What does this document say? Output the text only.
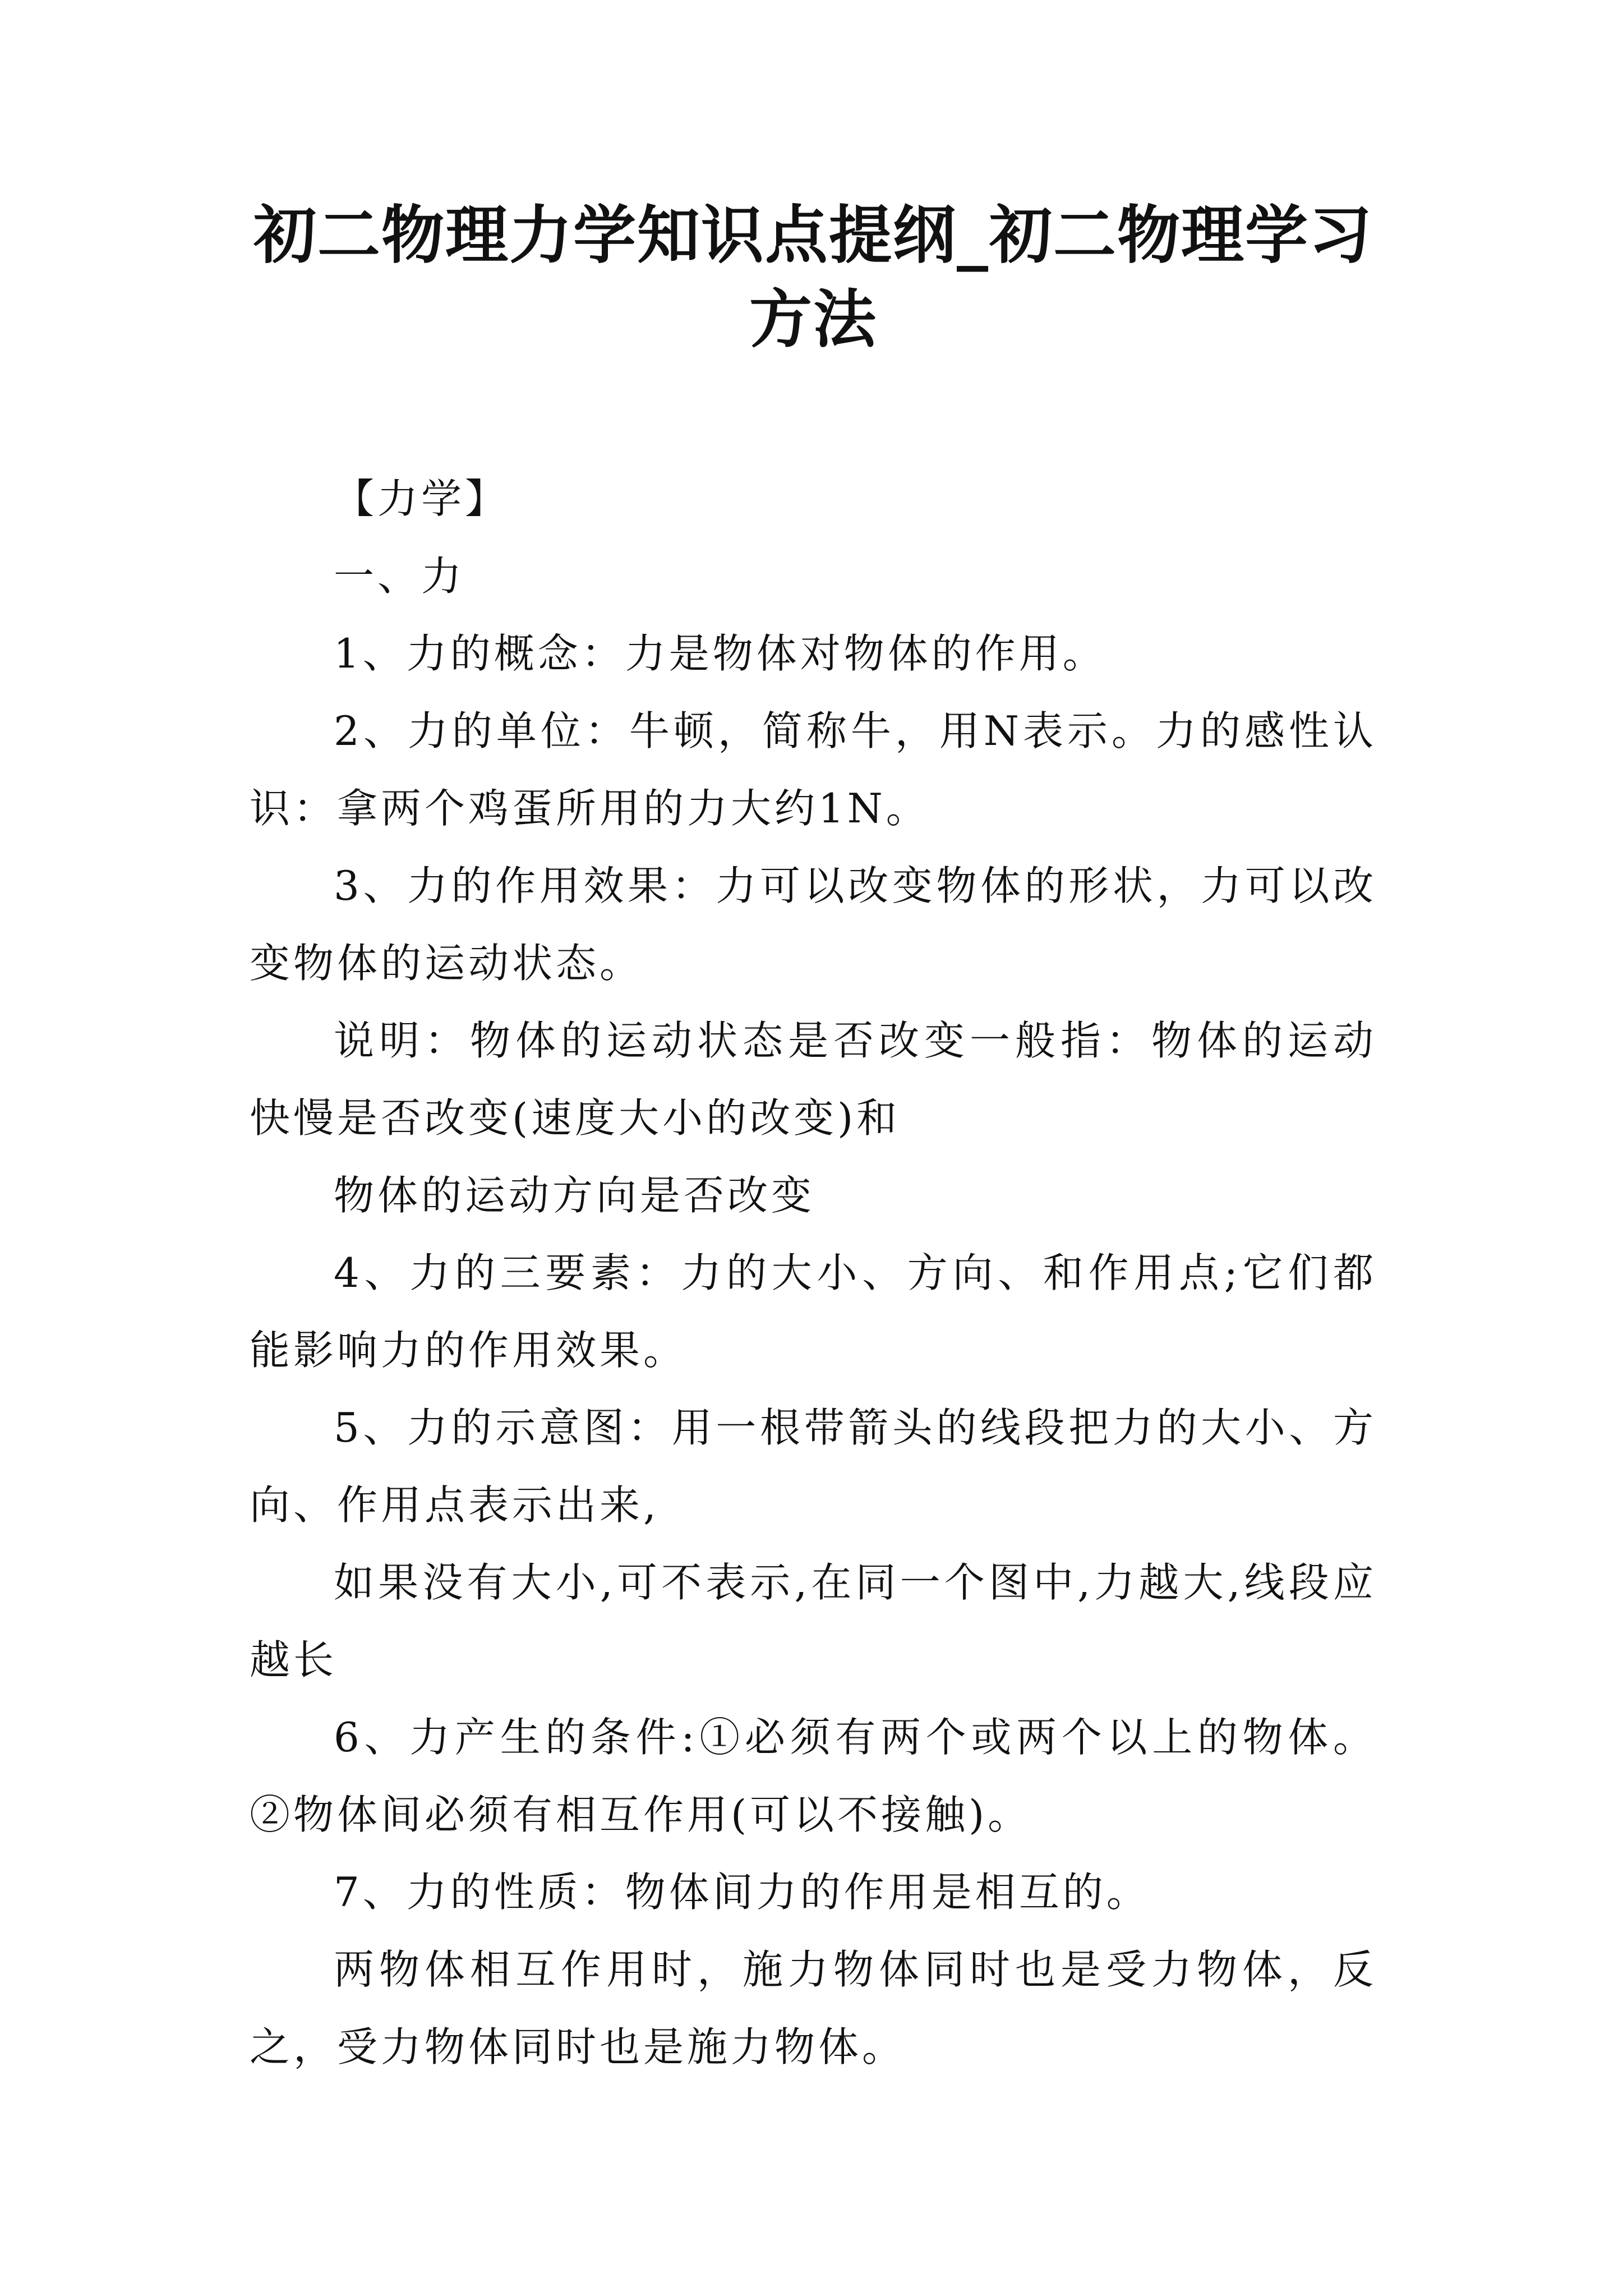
初二物理力学知识点提纲_初二物理学习方法

【力学】

一、力

1、力的概念：力是物体对物体的作用。

2、力的单位：牛顿，简称牛，用N表示。力的感性认识：拿两个鸡蛋所用的力大约1N。

3、力的作用效果：力可以改变物体的形状，力可以改变物体的运动状态。

说明：物体的运动状态是否改变一般指：物体的运动快慢是否改变(速度大小的改变)和

物体的运动方向是否改变

4、力的三要素：力的大小、方向、和作用点;它们都能影响力的作用效果。

5、力的示意图：用一根带箭头的线段把力的大小、方向、作用点表示出来,

如果没有大小,可不表示,在同一个图中,力越大,线段应越长

6、力产生的条件:①必须有两个或两个以上的物体。②物体间必须有相互作用(可以不接触)。

7、力的性质：物体间力的作用是相互的。

两物体相互作用时，施力物体同时也是受力物体，反之，受力物体同时也是施力物体。
